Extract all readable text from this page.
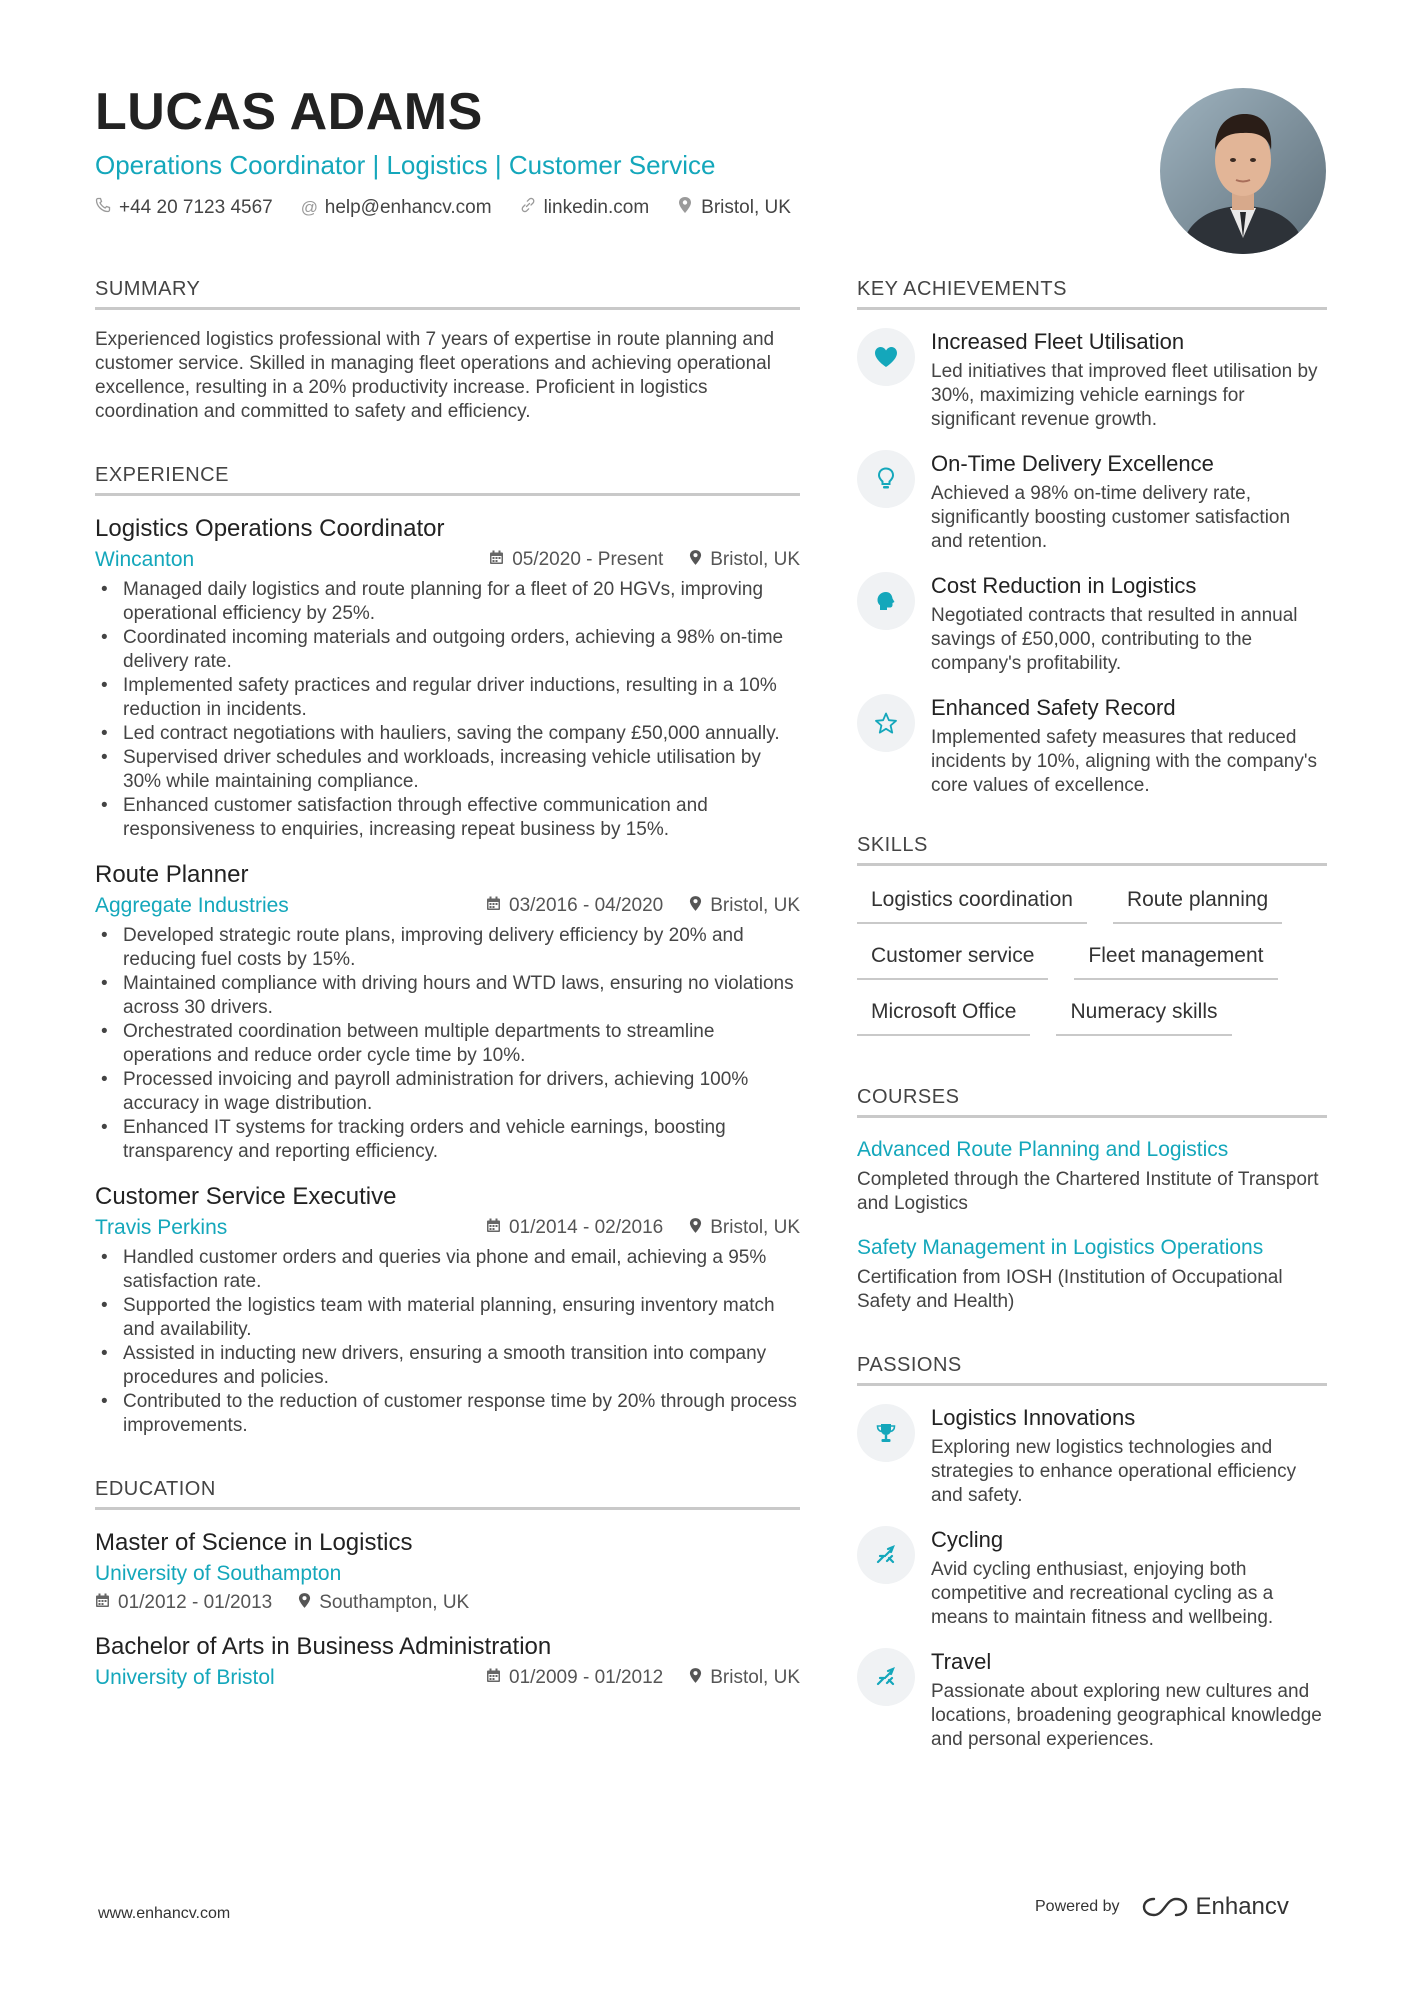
LUCAS ADAMS
Operations Coordinator | Logistics | Customer Service
+44 20 7123 4567 @ help@enhancv.com	linkedin.com	Bristol, UK
SUMMARY
Experienced logistics professional with 7 years of expertise in route planning and customer service. Skilled in managing fleet operations and achieving operational excellence, resulting in a 20% productivity increase. Proficient in logistics coordination and committed to safety and efficiency.
EXPERIENCE
Logistics Operations Coordinator
Wincanton	05/2020 - Present Bristol, UK
• Managed daily logistics and route planning for a fleet of 20 HGVs, improving operational efficiency by 25%.
• Coordinated incoming materials and outgoing orders, achieving a 98% on-time delivery rate.
• Implemented safety practices and regular driver inductions, resulting in a 10% reduction in incidents.
• Led contract negotiations with hauliers, saving the company £50,000 annually.
• Supervised driver schedules and workloads, increasing vehicle utilisation by 30% while maintaining compliance.
• Enhanced customer satisfaction through effective communication and responsiveness to enquiries, increasing repeat business by 15%.
Route Planner
Aggregate Industries	03/2016 - 04/2020 Bristol, UK
• Developed strategic route plans, improving delivery efficiency by 20% and reducing fuel costs by 15%.
• Maintained compliance with driving hours and WTD laws, ensuring no violations across 30 drivers.
• Orchestrated coordination between multiple departments to streamline operations and reduce order cycle time by 10%.
• Processed invoicing and payroll administration for drivers, achieving 100% accuracy in wage distribution.
• Enhanced IT systems for tracking orders and vehicle earnings, boosting transparency and reporting efficiency.
Customer Service Executive
Travis Perkins	01/2014 - 02/2016 Bristol, UK
• Handled customer orders and queries via phone and email, achieving a 95% satisfaction rate.
• Supported the logistics team with material planning, ensuring inventory match and availability.
• Assisted in inducting new drivers, ensuring a smooth transition into company procedures and policies.
• Contributed to the reduction of customer response time by 20% through process improvements.
EDUCATION
Master of Science in Logistics
University of Southampton
01/2012 - 01/2013 Southampton, UK
Bachelor of Arts in Business Administration
University of Bristol	01/2009 - 01/2012 Bristol, UK
KEY ACHIEVEMENTS
Increased Fleet Utilisation
Led initiatives that improved fleet utilisation by 30%, maximizing vehicle earnings for significant revenue growth.
On-Time Delivery Excellence
Achieved a 98% on-time delivery rate, significantly boosting customer satisfaction and retention.
Cost Reduction in Logistics
Negotiated contracts that resulted in annual savings of £50,000, contributing to the company's profitability.
Enhanced Safety Record
Implemented safety measures that reduced incidents by 10%, aligning with the company's core values of excellence.
SKILLS
Logistics coordination	Route planning
Customer service	Fleet management
Microsoft Office	Numeracy skills
COURSES
Advanced Route Planning and Logistics
Completed through the Chartered Institute of Transport and Logistics
Safety Management in Logistics Operations
Certification from IOSH (Institution of Occupational Safety and Health)
PASSIONS
Logistics Innovations
Exploring new logistics technologies and strategies to enhance operational efficiency and safety.
Cycling
Avid cycling enthusiast, enjoying both competitive and recreational cycling as a means to maintain fitness and wellbeing.
Travel
Passionate about exploring new cultures and locations, broadening geographical knowledge and personal experiences.
www.enhancv.com	Powered by	Enhancv
